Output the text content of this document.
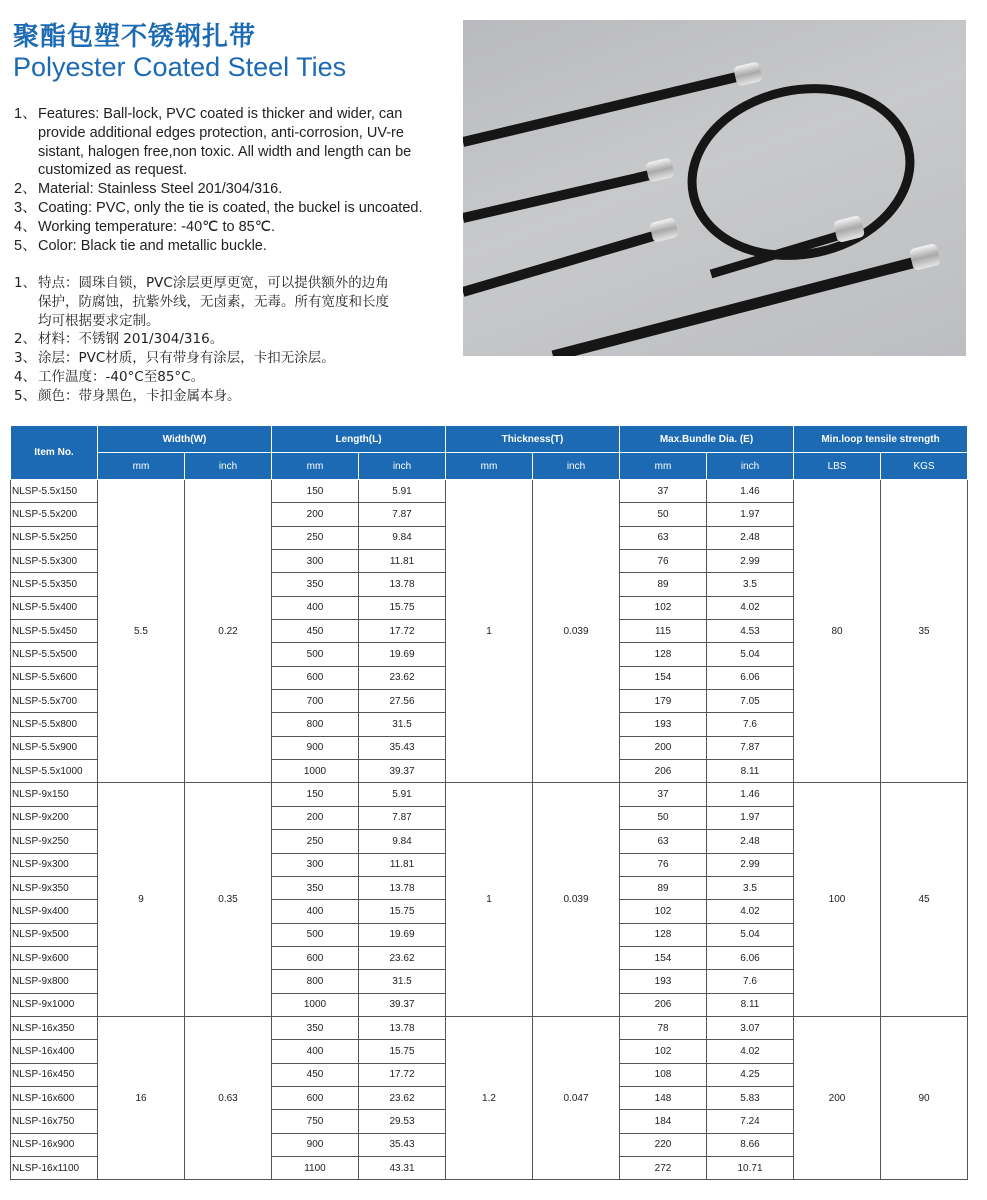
聚酯包塑不锈钢扎带
Polyester Coated Steel Ties
1、 Features: Ball-lock, PVC coated is thicker and wider, can
provide additional edges protection, anti-corrosion, UV-re
sistant, halogen free,non toxic. All width and length can be
customized as request.
2、 Material: Stainless Steel 201/304/316.
3、 Coating: PVC, only the tie is coated, the buckel is uncoated.
4、 Working temperature: -40℃ to 85℃.
5、 Color: Black tie and metallic buckle.
1、 特点：圆珠自锁，PVC涂层更厚更宽，可以提供额外的边角
保护，防腐蚀，抗紫外线，无卤素，无毒。所有宽度和长度
均可根据要求定制。
2、 材料：不锈钢 201/304/316。
3、 涂层：PVC材质，只有带身有涂层，卡扣无涂层。
4、 工作温度：-40°C至85°C。
5、 颜色：带身黑色，卡扣金属本身。
Item No.	Width(W)		Length(L)		Thickness(T)		Max.Bundle Dia. (E)		Min.loop tensile strength	
	mm	inch	mm	inch	mm	inch	mm	inch	LBS	KGS
NLSP-5.5x150	5.5	0.22	150	5.91	1	0.039	37	1.46	80	35
NLSP-5.5x200			200	7.87			50	1.97		
NLSP-5.5x250			250	9.84			63	2.48		
NLSP-5.5x300			300	11.81			76	2.99		
NLSP-5.5x350			350	13.78			89	3.5		
NLSP-5.5x400			400	15.75			102	4.02		
NLSP-5.5x450			450	17.72			115	4.53		
NLSP-5.5x500			500	19.69			128	5.04		
NLSP-5.5x600			600	23.62			154	6.06		
NLSP-5.5x700			700	27.56			179	7.05		
NLSP-5.5x800			800	31.5			193	7.6		
NLSP-5.5x900			900	35.43			200	7.87		
NLSP-5.5x1000			1000	39.37			206	8.11		
NLSP-9x150	9	0.35	150	5.91	1	0.039	37	1.46	100	45
NLSP-9x200			200	7.87			50	1.97		
NLSP-9x250			250	9.84			63	2.48		
NLSP-9x300			300	11.81			76	2.99		
NLSP-9x350			350	13.78			89	3.5		
NLSP-9x400			400	15.75			102	4.02		
NLSP-9x500			500	19.69			128	5.04		
NLSP-9x600			600	23.62			154	6.06		
NLSP-9x800			800	31.5			193	7.6		
NLSP-9x1000			1000	39.37			206	8.11		
NLSP-16x350	16	0.63	350	13.78	1.2	0.047	78	3.07	200	90
NLSP-16x400			400	15.75			102	4.02		
NLSP-16x450			450	17.72			108	4.25		
NLSP-16x600			600	23.62			148	5.83		
NLSP-16x750			750	29.53			184	7.24		
NLSP-16x900			900	35.43			220	8.66		
NLSP-16x1100			1100	43.31			272	10.71		
